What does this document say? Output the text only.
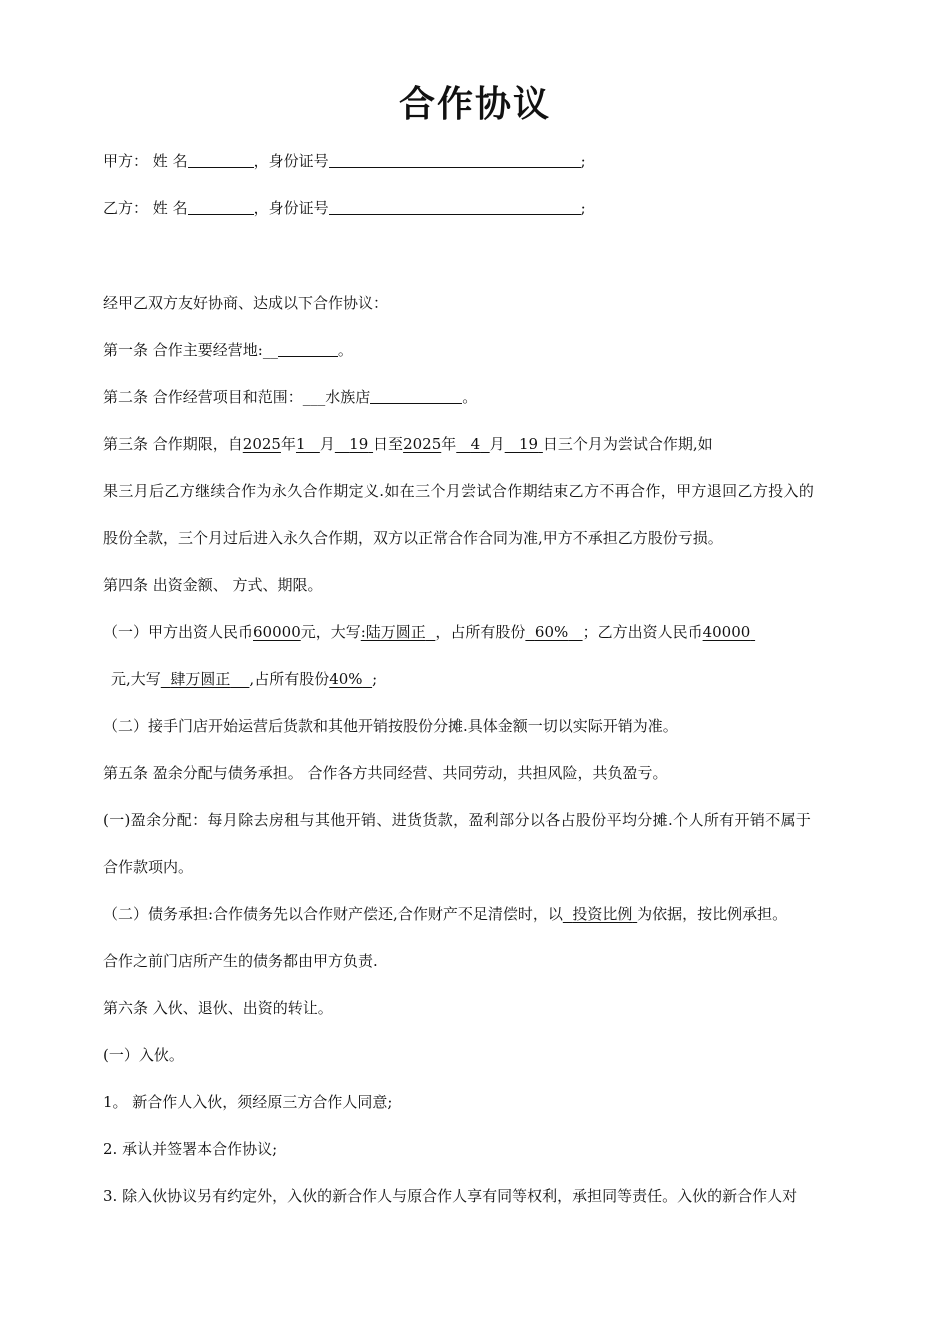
合作协议
甲方： 姓 名	，身份证号	;
乙方： 姓 名	，身份证号	;
经甲乙双方友好协商、达成以下合作协议：
第一条 合作主要经营地:__	。
第二条 合作经营项目和范围：___水族店	。
第三条 合作期限，自2025年1 月 19 日至2025年 4 月 19 日三个月为尝试合作期,如
果三月后乙方继续合作为永久合作期定义.如在三个月尝试合作期结束乙方不再合作，甲方退回乙方投入的
股份全款，三个月过后进入永久合作期，双方以正常合作合同为准,甲方不承担乙方股份亏损。
第四条 出资金额、 方式、期限。
（一）甲方出资人民币60000元，大写:陆万圆正 ，占所有股份 60% ；乙方出资人民币40000
元,大写 肆万圆正 ,占所有股份40% ;
（二）接手门店开始运营后货款和其他开销按股份分摊.具体金额一切以实际开销为准。
第五条 盈余分配与债务承担。 合作各方共同经营、共同劳动，共担风险，共负盈亏。
(一)盈余分配：每月除去房租与其他开销、进货货款，盈利部分以各占股份平均分摊.个人所有开销不属于
合作款项内。
（二）债务承担:合作债务先以合作财产偿还,合作财产不足清偿时，以 投资比例 为依据，按比例承担。
合作之前门店所产生的债务都由甲方负责.
第六条 入伙、退伙、出资的转让。
(一）入伙。
1。 新合作人入伙，须经原三方合作人同意;
2. 承认并签署本合作协议;
3. 除入伙协议另有约定外，入伙的新合作人与原合作人享有同等权利，承担同等责任。入伙的新合作人对
